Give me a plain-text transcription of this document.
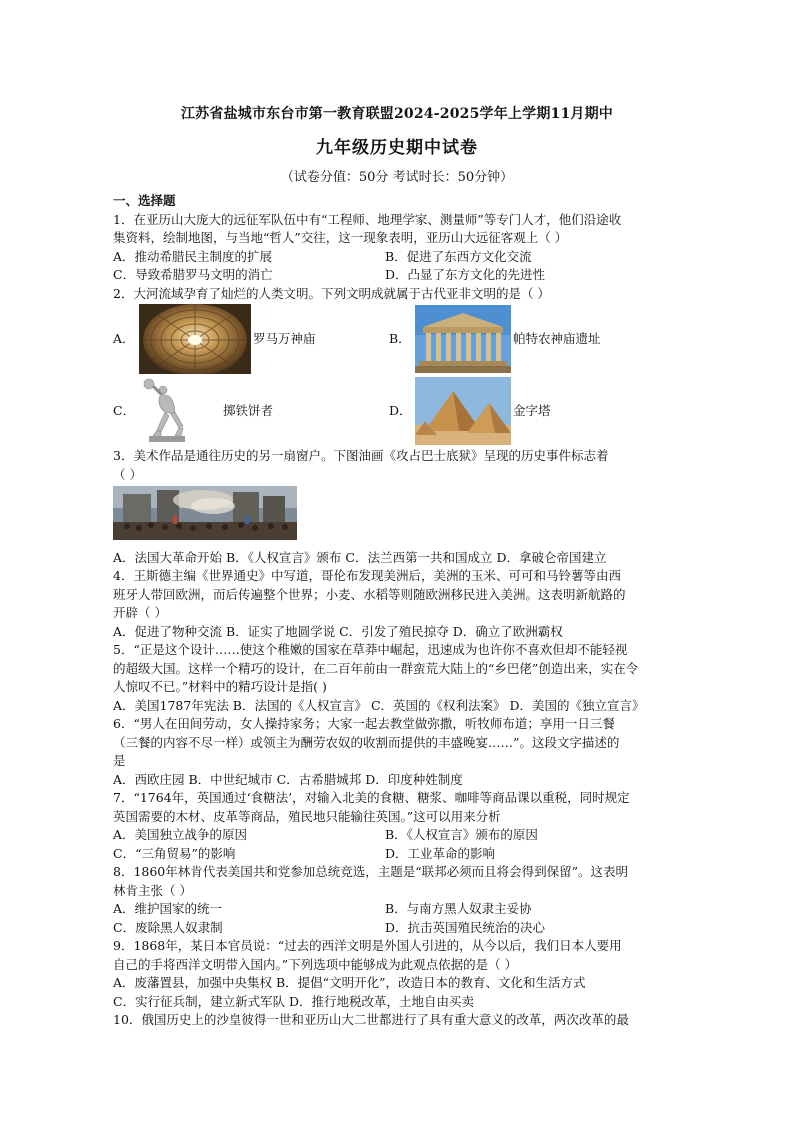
江苏省盐城市东台市第一教育联盟2024-2025学年上学期11月期中
九年级历史期中试卷
（试卷分值：50分 考试时长：50分钟）
一、选择题
1．在亚历山大庞大的远征军队伍中有“工程师、地理学家、测量师”等专门人才，他们沿途收
集资料，绘制地图，与当地“哲人”交往，这一现象表明，亚历山大远征客观上（ ）
A．推动希腊民主制度的扩展	B．促进了东西方文化交流
C．导致希腊罗马文明的消亡	D．凸显了东方文化的先进性
2．大河流域孕育了灿烂的人类文明。下列文明成就属于古代亚非文明的是（ ）
A．	罗马万神庙	B．	帕特农神庙遗址
C．	掷铁饼者	D．	金字塔
3．美术作品是通往历史的另一扇窗户。下图油画《攻占巴士底狱》呈现的历史事件标志着
（ ）
A．法国大革命开始 B．《人权宣言》颁布 C．法兰西第一共和国成立 D．拿破仑帝国建立
4．王斯德主编《世界通史》中写道，哥伦布发现美洲后，美洲的玉米、可可和马铃薯等由西
班牙人带回欧洲，而后传遍整个世界；小麦、水稻等则随欧洲移民进入美洲。这表明新航路的
开辟（ ）
A．促进了物种交流 B．证实了地圆学说 C．引发了殖民掠夺 D．确立了欧洲霸权
5．“正是这个设计……使这个稚嫩的国家在草莽中崛起，迅速成为也许你不喜欢但却不能轻视
的超级大国。这样一个精巧的设计，在二百年前由一群蛮荒大陆上的“乡巴佬”创造出来，实在令
人惊叹不已。”材料中的精巧设计是指( )
A．美国1787年宪法 B．法国的《人权宣言》 C．英国的《权利法案》 D．美国的《独立宣言》
6．“男人在田间劳动，女人操持家务；大家一起去教堂做弥撒，听牧师布道；享用一日三餐
（三餐的内容不尽一样）或领主为酬劳农奴的收割而提供的丰盛晚宴……”。这段文字描述的
是
A．西欧庄园 B．中世纪城市 C．古希腊城邦 D．印度种姓制度
7．“1764年，英国通过‘食糖法’，对输入北美的食糖、糖浆、咖啡等商品课以重税，同时规定
英国需要的木材、皮革等商品，殖民地只能输往英国。”这可以用来分析
A．美国独立战争的原因	B．《人权宣言》颁布的原因
C．“三角贸易”的影响	D．工业革命的影响
8．1860年林肯代表美国共和党参加总统竞选，主题是“联邦必须而且将会得到保留”。这表明
林肯主张（ ）
A．维护国家的统一	B．与南方黑人奴隶主妥协
C．废除黑人奴隶制	D．抗击英国殖民统治的决心
9．1868年，某日本官员说：“过去的西洋文明是外国人引进的，从今以后，我们日本人要用
自己的手将西洋文明带入国内。”下列选项中能够成为此观点依据的是（ ）
A．废藩置县，加强中央集权 B．提倡“文明开化”，改造日本的教育、文化和生活方式
C．实行征兵制，建立新式军队 D．推行地税改革，土地自由买卖
10．俄国历史上的沙皇彼得一世和亚历山大二世都进行了具有重大意义的改革，两次改革的最
